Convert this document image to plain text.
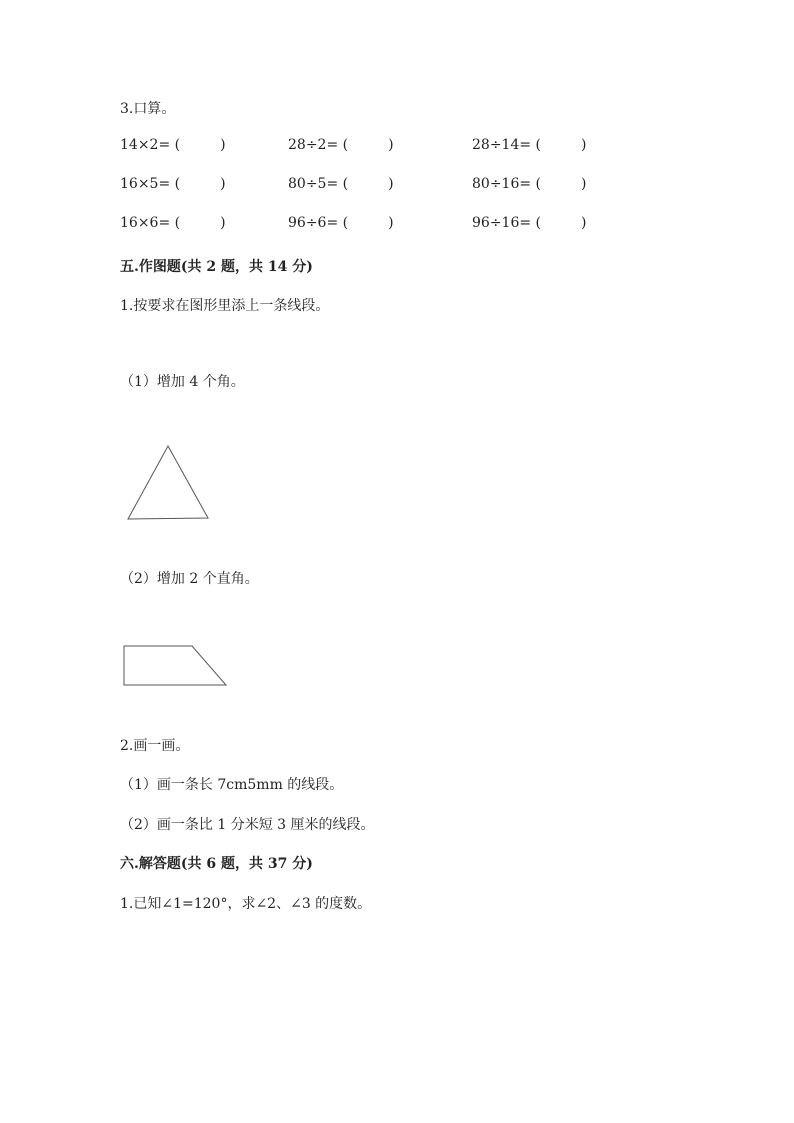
3.口算。
14×2= (	)	28÷2= (	)	28÷14= (	)
16×5= (	)	80÷5= (	)	80÷16= (	)
16×6= (	)	96÷6= (	)	96÷16= (	)
五.作图题(共 2 题，共 14 分)
1.按要求在图形里添上一条线段。
（1）增加 4 个角。
（2）增加 2 个直角。
2.画一画。
（1）画一条长 7cm5mm 的线段。
（2）画一条比 1 分米短 3 厘米的线段。
六.解答题(共 6 题，共 37 分)
1.已知∠1=120°，求∠2、∠3 的度数。
